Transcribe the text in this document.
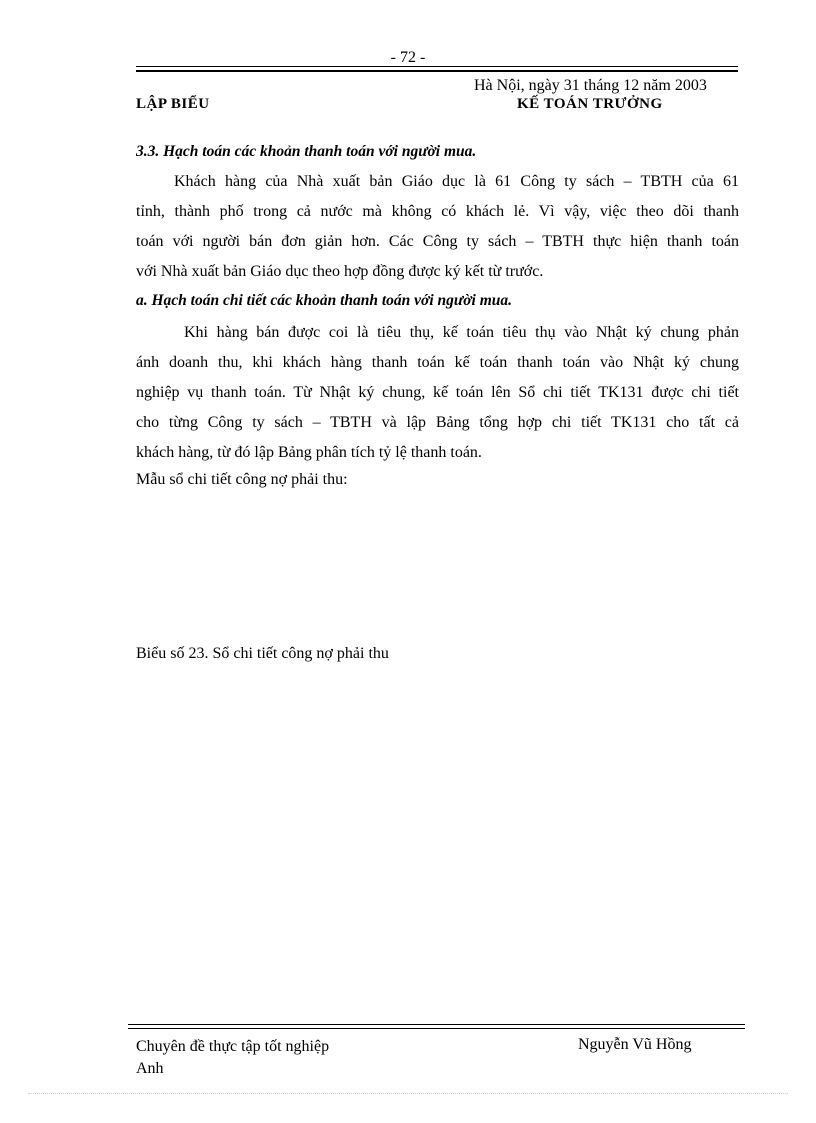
- 72 -
Hà Nội, ngày 31 tháng 12 năm 2003
LẬP BIỂU	KẾ TOÁN TRƯỞNG
3.3. Hạch toán các khoản thanh toán với người mua.
Khách hàng của Nhà xuất bản Giáo dục là 61 Công ty sách – TBTH của 61
tỉnh, thành phố trong cả nước mà không có khách lẻ. Vì vậy, việc theo dõi thanh
toán với người bán đơn giản hơn. Các Công ty sách – TBTH thực hiện thanh toán
với Nhà xuất bản Giáo dục theo hợp đồng được ký kết từ trước.
a. Hạch toán chi tiết các khoản thanh toán với người mua.
Khi hàng bán được coi là tiêu thụ, kế toán tiêu thụ vào Nhật ký chung phản
ánh doanh thu, khi khách hàng thanh toán kế toán thanh toán vào Nhật ký chung
nghiệp vụ thanh toán. Từ Nhật ký chung, kế toán lên Sổ chi tiết TK131 được chi tiết
cho từng Công ty sách – TBTH và lập Bảng tổng hợp chi tiết TK131 cho tất cả
khách hàng, từ đó lập Bảng phân tích tỷ lệ thanh toán.
Mẫu sổ chi tiết công nợ phải thu:
Biểu số 23. Sổ chi tiết công nợ phải thu
Chuyên đề thực tập tốt nghiệp
Anh
Nguyễn Vũ Hồng
